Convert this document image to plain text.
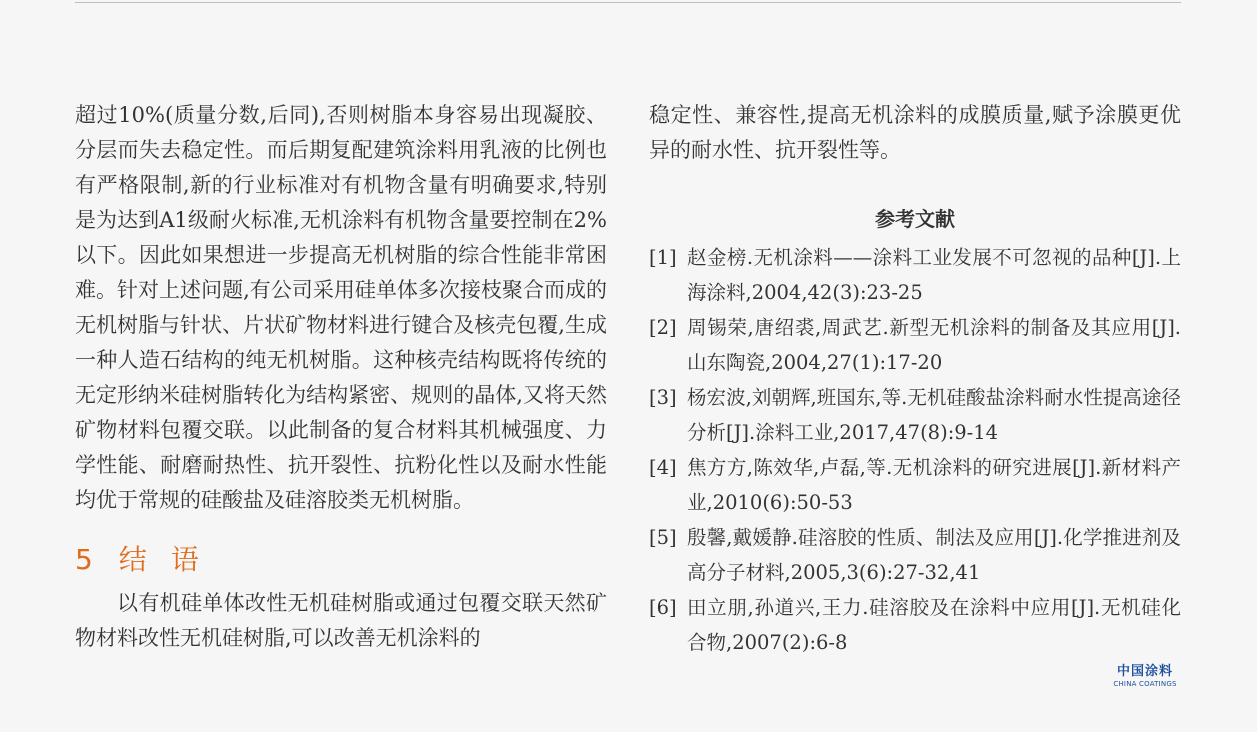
超过10%(质量分数,后同),否则树脂本身容易出现凝胶、分层而失去稳定性。而后期复配建筑涂料用乳液的比例也有严格限制,新的行业标准对有机物含量有明确要求,特别是为达到A1级耐火标准,无机涂料有机物含量要控制在2%以下。因此如果想进一步提高无机树脂的综合性能非常困难。针对上述问题,有公司采用硅单体多次接枝聚合而成的无机树脂与针状、片状矿物材料进行键合及核壳包覆,生成一种人造石结构的纯无机树脂。这种核壳结构既将传统的无定形纳米硅树脂转化为结构紧密、规则的晶体,又将天然矿物材料包覆交联。以此制备的复合材料其机械强度、力学性能、耐磨耐热性、抗开裂性、抗粉化性以及耐水性能均优于常规的硅酸盐及硅溶胶类无机树脂。

5 结语

以有机硅单体改性无机硅树脂或通过包覆交联天然矿物材料改性无机硅树脂,可以改善无机涂料的

稳定性、兼容性,提高无机涂料的成膜质量,赋予涂膜更优异的耐水性、抗开裂性等。

参考文献
[1] 赵金榜.无机涂料——涂料工业发展不可忽视的品种[J].上海涂料,2004,42(3):23-25
[2] 周锡荣,唐绍裘,周武艺.新型无机涂料的制备及其应用[J].山东陶瓷,2004,27(1):17-20
[3] 杨宏波,刘朝辉,班国东,等.无机硅酸盐涂料耐水性提高途径分析[J].涂料工业,2017,47(8):9-14
[4] 焦方方,陈效华,卢磊,等.无机涂料的研究进展[J].新材料产业,2010(6):50-53
[5] 殷馨,戴媛静.硅溶胶的性质、制法及应用[J].化学推进剂及高分子材料,2005,3(6):27-32,41
[6] 田立朋,孙道兴,王力.硅溶胶及在涂料中应用[J].无机硅化合物,2007(2):6-8
中国涂料
CHINA COATINGS
